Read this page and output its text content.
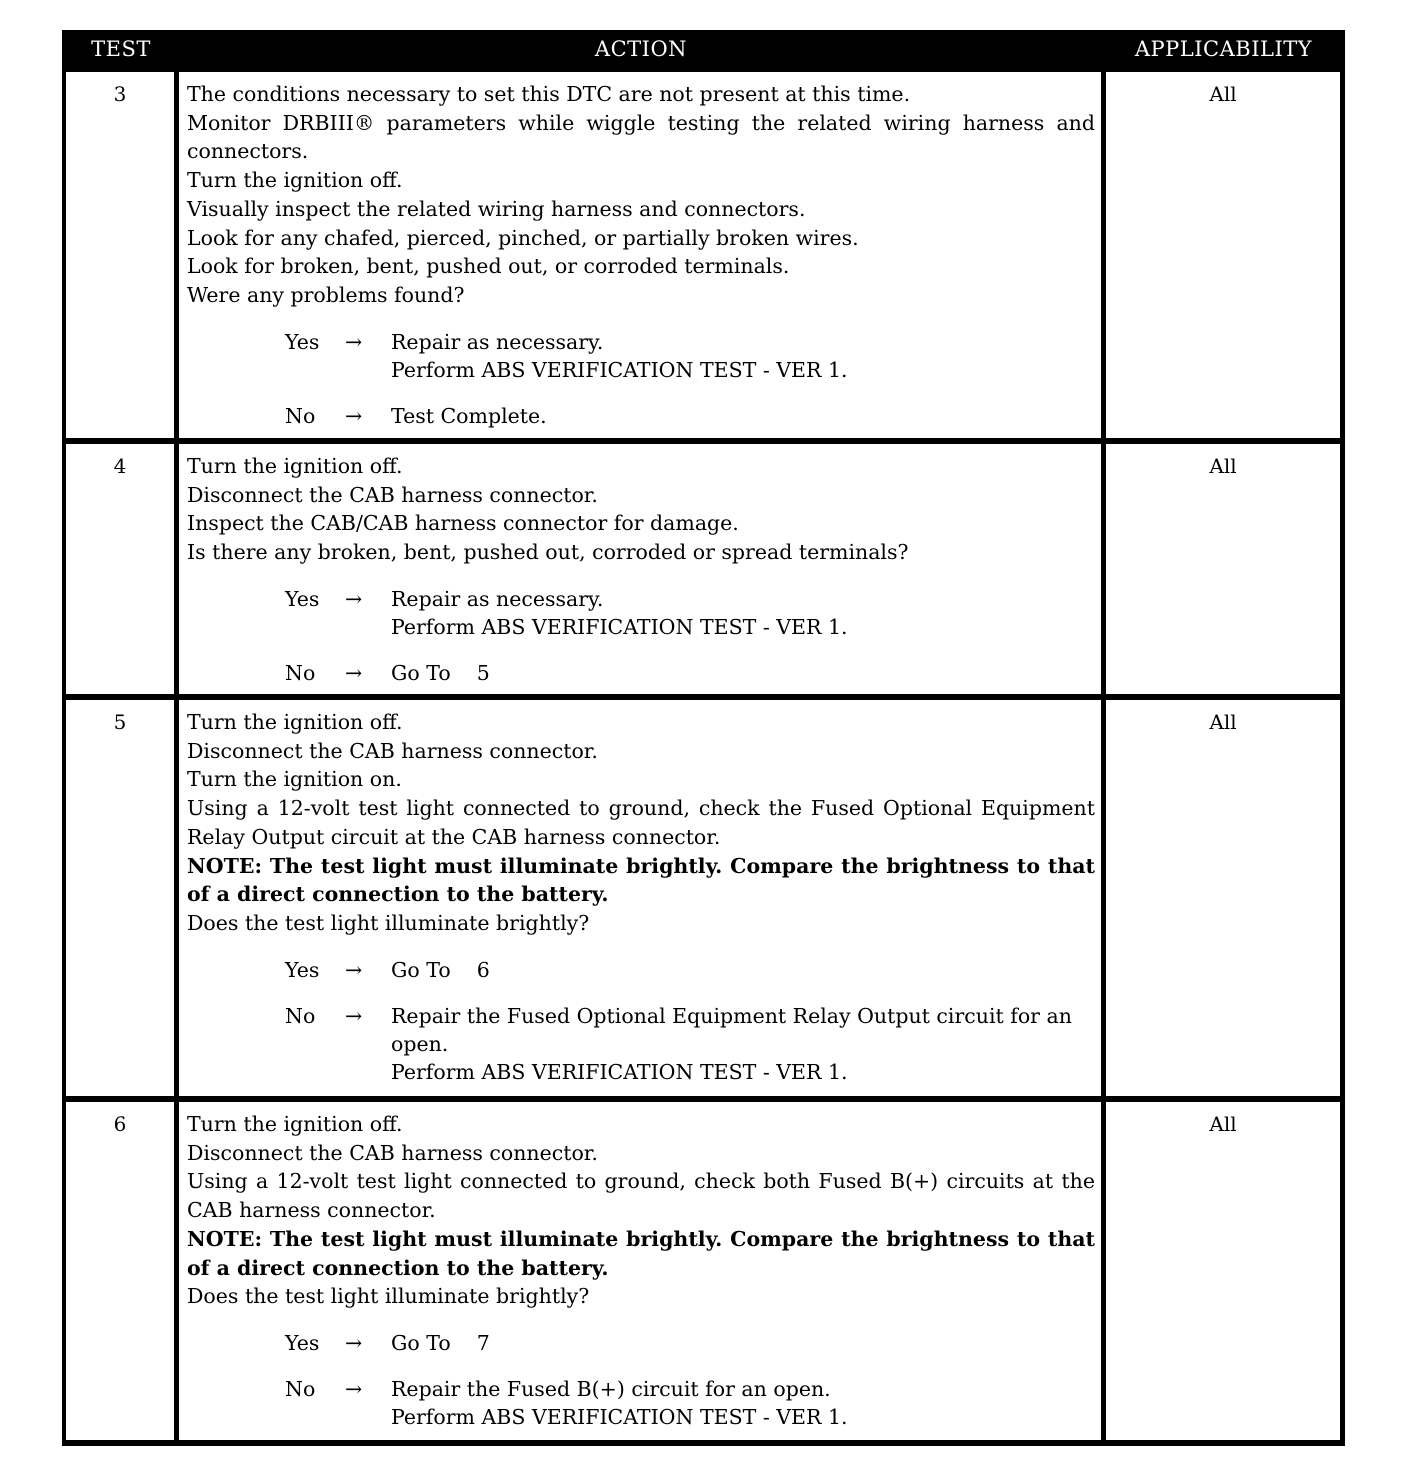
TEST	ACTION	APPLICABILITY
3	The conditions necessary to set this DTC are not present at this time.
Monitor DRBIII® parameters while wiggle testing the related wiring harness and connectors.
Turn the ignition off.
Visually inspect the related wiring harness and connectors.
Look for any chafed, pierced, pinched, or partially broken wires.
Look for broken, bent, pushed out, or corroded terminals.
Were any problems found?
Yes	→	Repair as necessary.
Perform ABS VERIFICATION TEST - VER 1.
No	→	Test Complete.
All
4	Turn the ignition off.
Disconnect the CAB harness connector.
Inspect the CAB/CAB harness connector for damage.
Is there any broken, bent, pushed out, corroded or spread terminals?
Yes	→	Repair as necessary.
Perform ABS VERIFICATION TEST - VER 1.
No	→	Go To    5
All
5	Turn the ignition off.
Disconnect the CAB harness connector.
Turn the ignition on.
Using a 12-volt test light connected to ground, check the Fused Optional Equipment Relay Output circuit at the CAB harness connector.
NOTE: The test light must illuminate brightly. Compare the brightness to that of a direct connection to the battery.
Does the test light illuminate brightly?
Yes	→	Go To    6
No	→	Repair the Fused Optional Equipment Relay Output circuit for an open.
Perform ABS VERIFICATION TEST - VER 1.
All
6	Turn the ignition off.
Disconnect the CAB harness connector.
Using a 12-volt test light connected to ground, check both Fused B(+) circuits at the CAB harness connector.
NOTE: The test light must illuminate brightly. Compare the brightness to that of a direct connection to the battery.
Does the test light illuminate brightly?
Yes	→	Go To    7
No	→	Repair the Fused B(+) circuit for an open.
Perform ABS VERIFICATION TEST - VER 1.
All
